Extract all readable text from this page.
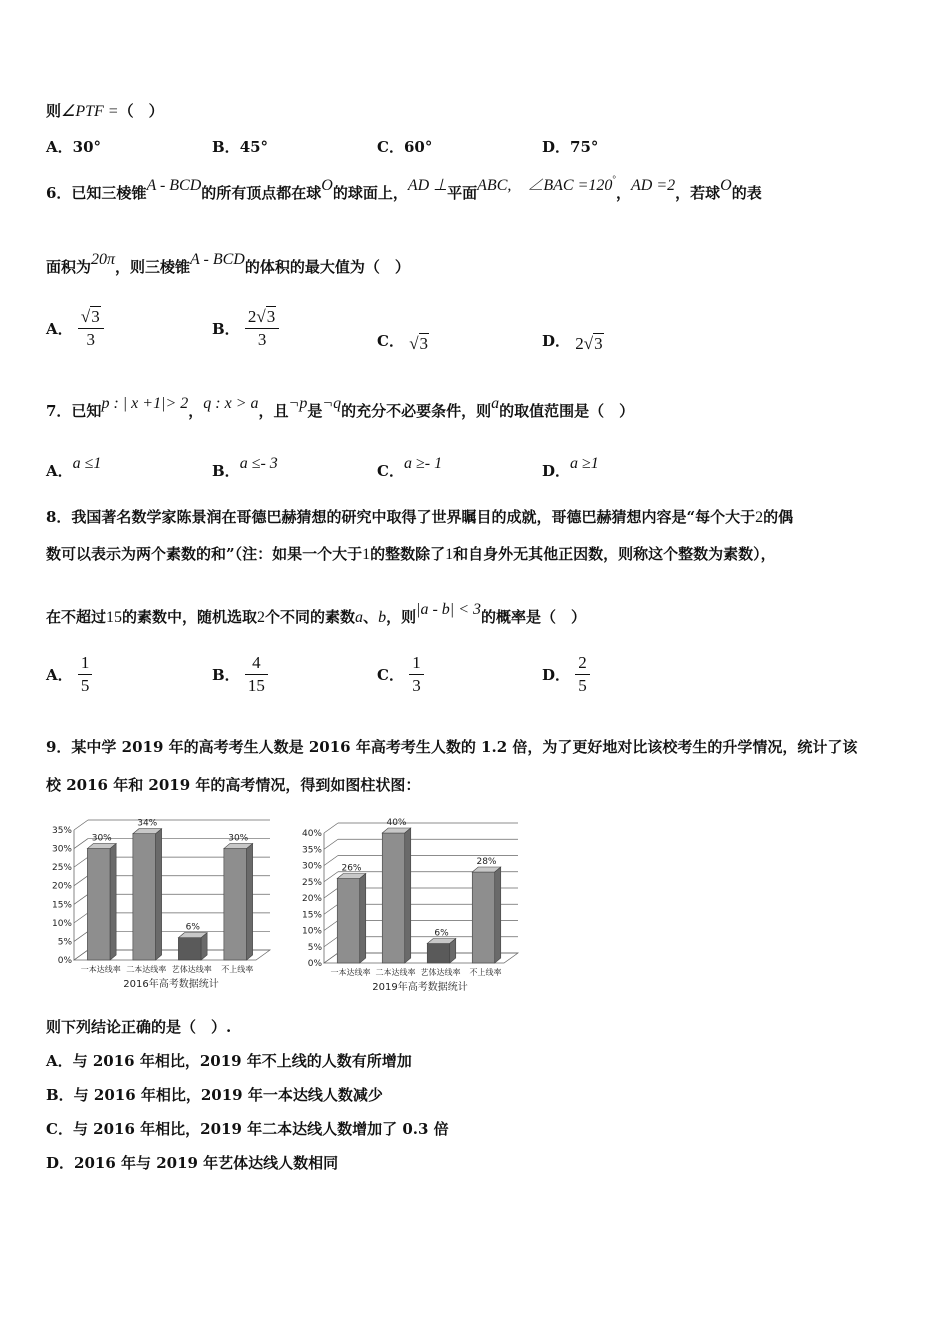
则∠PTF =（　）
A．30°	B．45°	C．60°	D．75°
6．已知三棱锥A - BCD的所有顶点都在球O的球面上，AD ⊥平面ABC,　∠BAC =120°，AD =2，若球O的表
面积为20π，则三棱锥A - BCD的体积的最大值为（　）
A． $\frac{√3}{3}$	B． $\frac{2√3}{3}$	C． √3	D． 2√3
7．已知p : | x +1|> 2，q : x > a，且¬p是¬q的充分不必要条件，则a的取值范围是（　）
A．a ≤1	B．a ≤- 3	C．a ≥- 1	D．a ≥1
8．我国著名数学家陈景润在哥德巴赫猜想的研究中取得了世界瞩目的成就，哥德巴赫猜想内容是“每个大于2的偶
数可以表示为两个素数的和”（注：如果一个大于1的整数除了1和自身外无其他正因数，则称这个整数为素数），
在不超过15的素数中，随机选取2个不同的素数a、b，则|a - b| < 3的概率是（　）
A． $\frac{1}{5}$	B． $\frac{4}{15}$	C． $\frac{1}{3}$	D． $\frac{2}{5}$
9．某中学 2019 年的高考考生人数是 2016 年高考考生人数的 1.2 倍，为了更好地对比该校考生的升学情况，统计了该
校 2016 年和 2019 年的高考情况，得到如图柱状图：
0%
5%
10%
15%
20%
25%
30%
35%
30%
一本达线率
34%
二本达线率
6%
艺体达线率
30%
不上线率
2016年高考数据统计
0%
5%
10%
15%
20%
25%
30%
35%
40%
26%
一本达线率
40%
二本达线率
6%
艺体达线率
28%
不上线率
2019年高考数据统计
则下列结论正确的是（　）.
A．与 2016 年相比，2019 年不上线的人数有所增加
B．与 2016 年相比，2019 年一本达线人数减少
C．与 2016 年相比，2019 年二本达线人数增加了 0.3 倍
D．2016 年与 2019 年艺体达线人数相同
